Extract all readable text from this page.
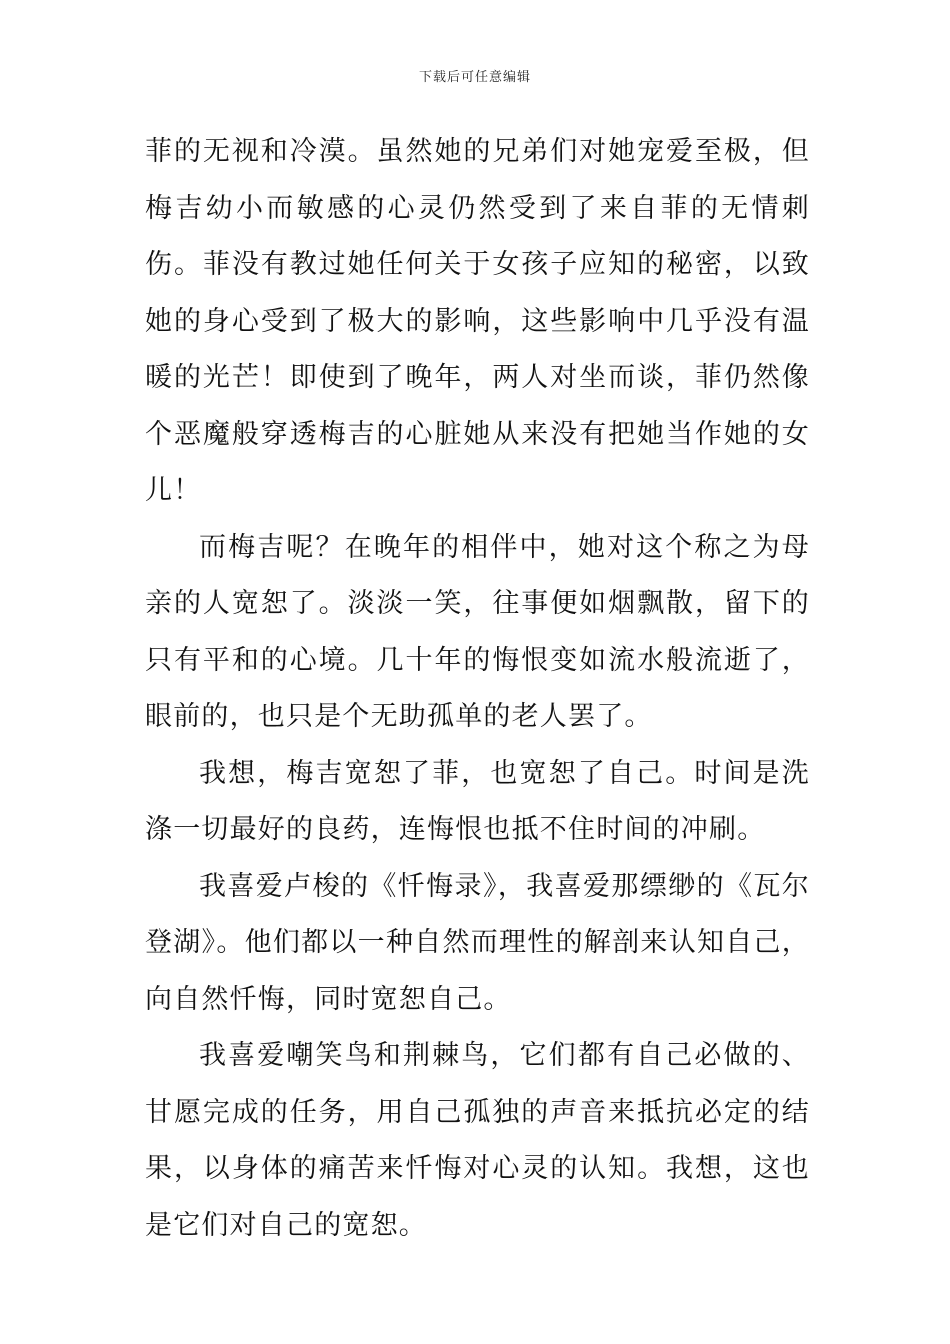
下载后可任意编辑

菲的无视和冷漠。虽然她的兄弟们对她宠爱至极，但梅吉幼小而敏感的心灵仍然受到了来自菲的无情刺伤。菲没有教过她任何关于女孩子应知的秘密，以致她的身心受到了极大的影响，这些影响中几乎没有温暖的光芒！即使到了晚年，两人对坐而谈，菲仍然像个恶魔般穿透梅吉的心脏她从来没有把她当作她的女儿！

而梅吉呢？在晚年的相伴中，她对这个称之为母亲的人宽恕了。淡淡一笑，往事便如烟飘散，留下的只有平和的心境。几十年的悔恨变如流水般流逝了，眼前的，也只是个无助孤单的老人罢了。

我想，梅吉宽恕了菲，也宽恕了自己。时间是洗涤一切最好的良药，连悔恨也抵不住时间的冲刷。

我喜爱卢梭的《忏悔录》，我喜爱那缥缈的《瓦尔登湖》。他们都以一种自然而理性的解剖来认知自己，向自然忏悔，同时宽恕自己。

我喜爱嘲笑鸟和荆棘鸟，它们都有自己必做的、甘愿完成的任务，用自己孤独的声音来抵抗必定的结果，以身体的痛苦来忏悔对心灵的认知。我想，这也是它们对自己的宽恕。
